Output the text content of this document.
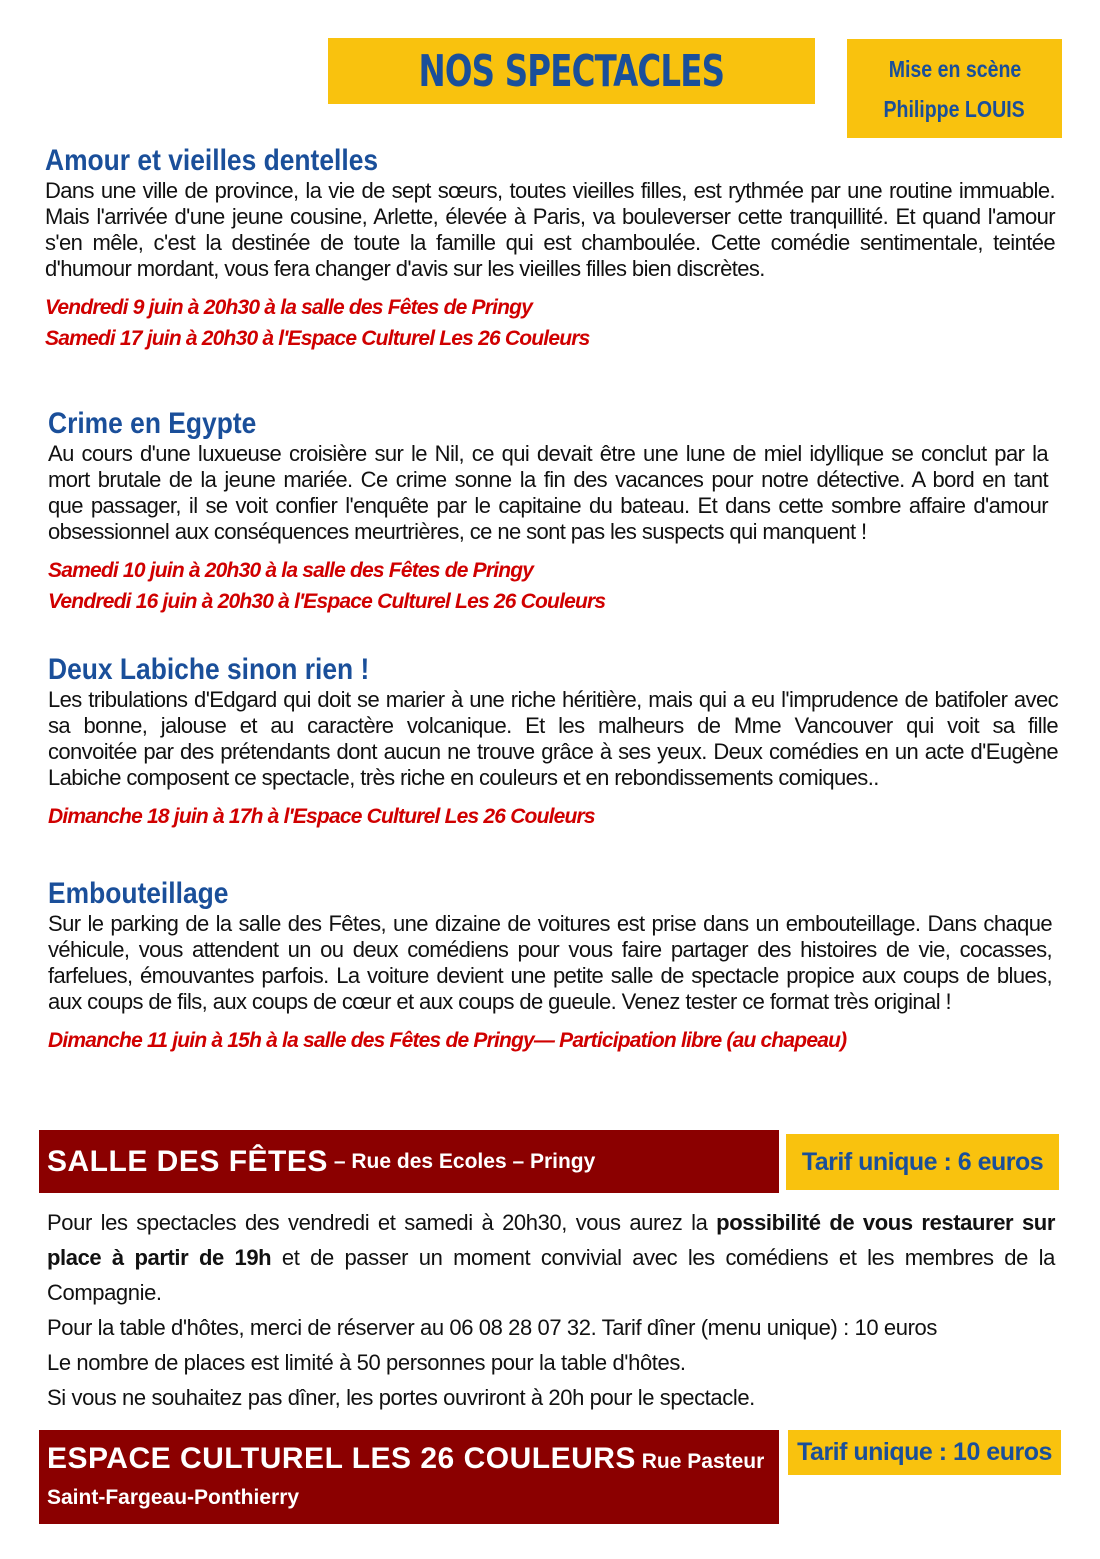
NOS SPECTACLES	Mise en scène
Philippe LOUIS
Amour et vieilles dentelles
Dans une ville de province, la vie de sept sœurs, toutes vieilles filles, est rythmée par une routine immuable.
Mais l'arrivée d'une jeune cousine, Arlette, élevée à Paris, va bouleverser cette tranquillité. Et quand l'amour
s'en mêle, c'est la destinée de toute la famille qui est chamboulée. Cette comédie sentimentale, teintée
d'humour mordant, vous fera changer d'avis sur les vieilles filles bien discrètes.
Vendredi 9 juin à 20h30 à la salle des Fêtes de Pringy
Samedi 17 juin à 20h30 à l'Espace Culturel Les 26 Couleurs
Crime en Egypte
Au cours d'une luxueuse croisière sur le Nil, ce qui devait être une lune de miel idyllique se conclut par la
mort brutale de la jeune mariée. Ce crime sonne la fin des vacances pour notre détective. A bord en tant
que passager, il se voit confier l'enquête par le capitaine du bateau. Et dans cette sombre affaire d'amour
obsessionnel aux conséquences meurtrières, ce ne sont pas les suspects qui manquent !
Samedi 10 juin à 20h30 à la salle des Fêtes de Pringy
Vendredi 16 juin à 20h30 à l'Espace Culturel Les 26 Couleurs
Deux Labiche sinon rien !
Les tribulations d'Edgard qui doit se marier à une riche héritière, mais qui a eu l'imprudence de batifoler avec
sa bonne, jalouse et au caractère volcanique. Et les malheurs de Mme Vancouver qui voit sa fille
convoitée par des prétendants dont aucun ne trouve grâce à ses yeux. Deux comédies en un acte d'Eugène
Labiche composent ce spectacle, très riche en couleurs et en rebondissements comiques..
Dimanche 18 juin à 17h à l'Espace Culturel Les 26 Couleurs
Embouteillage
Sur le parking de la salle des Fêtes, une dizaine de voitures est prise dans un embouteillage. Dans chaque
véhicule, vous attendent un ou deux comédiens pour vous faire partager des histoires de vie, cocasses,
farfelues, émouvantes parfois. La voiture devient une petite salle de spectacle propice aux coups de blues,
aux coups de fils, aux coups de cœur et aux coups de gueule. Venez tester ce format très original !
Dimanche 11 juin à 15h à la salle des Fêtes de Pringy— Participation libre (au chapeau)
SALLE DES FÊTES – Rue des Ecoles – Pringy	Tarif unique : 6 euros
Pour les spectacles des vendredi et samedi à 20h30, vous aurez la possibilité de vous restaurer sur place à partir de 19h et de passer un moment convivial avec les comédiens et les membres de la Compagnie.
Pour la table d'hôtes, merci de réserver au 06 08 28 07 32. Tarif dîner (menu unique) : 10 euros
Le nombre de places est limité à 50 personnes pour la table d'hôtes.
Si vous ne souhaitez pas dîner, les portes ouvriront à 20h pour le spectacle.
ESPACE CULTUREL LES 26 COULEURS Rue Pasteur
Saint-Fargeau-Ponthierry
Tarif unique : 10 euros
